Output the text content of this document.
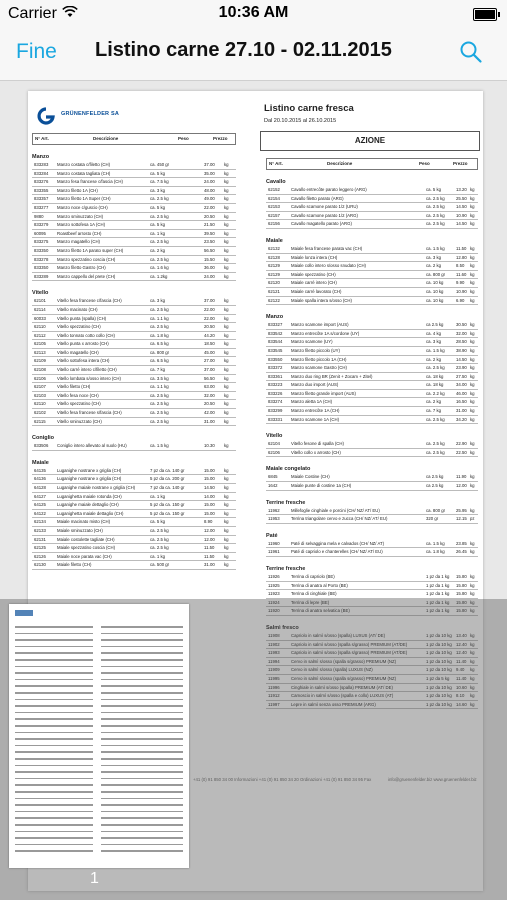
Carrier	10:36 AM
Fine Listino carne 27.10 - 02.11.2015
GRÜNENFELDER SA	Listino carne fresca
Dal 20.10.2015 al 26.10.2015
AZIONE
N° Art.	Descrizione	Peso	Prezzo
Manzo
833283 Manzo costata c/filetto (CH)	ca. 450 gr	37.00 kg
833284 Manzo costata tagliata (CH)	ca. 5 kg	35.00 kg
833276 Manzo fesa francese c/fascia (CH)	ca. 7.5 kg	24.00 kg
833355 Manzo filetto 1A (CH)	ca. 3 kg	48.00 kg
833357 Manzo filetto 1A Super (CH)	ca. 2.5 kg	49.00 kg
833277 Manzo noce c/guscio (CH)	ca. 5 kg	22.00 kg
9880	Manzo sminuzzato (CH)	ca. 2.5 kg	20.50 kg
833279 Manzo sottofesa 1A (CH)	ca. 5 kg	21.50 kg
60095	Roastbeef arrosto (CH)	ca. 1 kg	39.50 kg
833275 Manzo magatello (CH)	ca. 2.5 kg	23.50 kg
833350 Manzo filetto 1A parato super (CH)	ca. 2 kg	56.50 kg
833278 Manzo spezzatino coscia (CH)	ca. 2.5 kg	15.50 kg
833350 Manzo filetto Gastro (CH)	ca. 1.6 kg	36.00 kg
833289 Manzo cappello del prete (CH)	ca. 1.2kg	24.00 kg
Vitello
62101	Vitello fesa francese c/fascia (CH)	ca. 3 kg	37.00 kg
62114	Vitello macinato (CH)	ca. 2.5 kg	22.00 kg
60033	Vitello punta (spalla) (CH)	ca. 1.1 kg	22.00 kg
62110	Vitello spezzatino (CH)	ca. 2.5 kg	20.50 kg
62112	Vitello tonnato cotto collo (CH)	ca. 1.8 kg	44.20 kg
62105	Vitello punta x arrosto (CH)	ca. 6.5 kg	18.50 kg
62113	Vitello magatello (CH)	ca. 800 gr	45.00 kg
62109	Vitello sottofesa intera (CH)	ca. 6.5 kg	27.00 kg
62108	Vitello carré intero c/filetto (CH)	ca. 7 kg	37.00 kg
62106	Vitello lombata s/osso intero (CH)	ca. 3.5 kg	56.50 kg
62107	Vitello filetto (CH)	ca. 1.1 kg	63.00 kg
62103	Vitello fesa noce (CH)	ca. 2.5 kg	32.00 kg
62110	Vitello spezzatino (CH)	ca. 2.5 kg	20.50 kg
62102	Vitello fesa francese s/fascia (CH)	ca. 2.5 kg	42.00 kg
62115	Vitello sminuzzato (CH)	ca. 2.5 kg	31.00 kg
Coniglio
833506 Coniglio intero allevato al suolo (HU)	ca. 1.5 kg	10.30 kg
Maiale
64135	Luganighe nostrane x griglia (CH)	7 pz da ca. 140 gr	15.00 kg
64136	Luganighe nostrane x griglia (CH)	5 pz da ca. 200 gr	15.00 kg
64128	Luganighe maiale nostrane x griglia (CH)	7 pz da ca. 140 gr	14.50 kg
64127	Luganighetta maiale rotonda (CH)	ca. 1 kg	14.00 kg
64125	Luganighe maiale dettaglio (CH)	5 pz da ca. 150 gr	15.00 kg
64122	Luganighetta maiale dettaglio (CH)	5 pz da ca. 150 gr	15.00 kg
62134	Maiale macinato misto (CH)	ca. 5 kg	8.90	kg
62133	Maiale sminuzzato (CH)	ca. 2.5 kg	12.00 kg
62131	Maiale costolette tagliate (CH)	ca. 2.5 kg	12.00 kg
62125	Maiale spezzatino coscia (CH)	ca. 2.5 kg	11.50 kg
62126	Maiale noce parata vac (CH)	ca. 1 kg	11.50 kg
62130	Maiale filetto (CH)	ca. 500 gr	31.00 kg
N° Art.	Descrizione	Peso	Prezzo
Cavallo
62152	Cavallo entrecôte parato leggero (ARG)	ca. 5 kg	13.20 kg
62154	Cavallo filetto parato (ARG)	ca. 2.5 kg	25.50 kg
62153	Cavallo scamone parato 1/2 (URU)	ca. 2.5 kg	14.50 kg
62157	Cavallo scamone parato 1/2 (ARG)	ca. 2.5 kg	10.90 kg
62156	Cavallo magatello parato (ARG)	ca. 2.5 kg	14.50 kg
Maiale
62132	Maiale fesa francese parata vac (CH)	ca. 1.5 kg	11.50 kg
62128	Maiale lonza intera (CH)	ca. 3 kg	12.80 kg
62129	Maiale collo intero s/osso snudato (CH)	ca. 2 kg	8.50 kg
62129	Maiale spezzatino (CH)	ca. 800 gr	11.60 kg
62120	Maiale carré intero (CH)	ca. 10 kg	9.90 kg
62121	Maiale carré lavorato (CH)	ca. 10 kg	10.90 kg
62122	Maiale spalla intera s/osso (CH)	ca. 10 kg	6.90 kg
Manzo
833327 Manzo scamone import (AUS)	ca 2.5 kg	30.50 kg
833542 Manzo entrecôte 1A s/cordone (UY)	ca. 4 kg	32.00 kg
833544 Manzo scamone (UY)	ca. 3 kg	28.50 kg
833545 Manzo filetto piccolo (UY)	ca. 1.5 kg	38.90 kg
833550 Manzo filetto piccolo 1A (CH)	ca. 2 kg	14.50 kg
833372 Manzo scamone Gastro (CH)	ca. 2.5 kg	23.90 kg
833361 Manzo duo ring BR (Zenit + Zocam + Zitel)	ca. 18 kg	27.50 kg
833223 Manzo duo import (AUS)	ca. 18 kg	34.00 kg
833226 Manzo filetto grande import (AUS)	ca. 2.2 kg	46.00 kg
833274 Manzo aletta 1A (CH)	ca. 2 kg	16.50 kg
833299 Manzo entrecôte 1A (CH)	ca. 7 kg	31.00 kg
833331 Manzo scamone 1A (CH)	ca. 2.5 kg	34.20 kg
Vitello
62104	Vitello fesone di spalla (CH)	ca. 2.5 kg	22.90 kg
62106	Vitello collo x arrosto (CH)	ca. 2.5 kg	22.50 kg
Maiale congelato
6845	Maiale Costine (CH)	ca 2.5 kg	11.90 kg
1642	Maiale punte di costine 1a (CH)	ca 2.5 kg	12.00 kg
Terrine fresche
11962	Millefoglie cinghiale e porcini (CH/ NZ/ AT/ EU)	ca. 800 gr	25.95 kg
11953	Terrina triangolare cervo e zucca (CH/ NZ/ AT/ EU)	320 gr	12.15 pz
Paté
11960	Paté di selvaggina mela e calvados (CH/ NZ/ AT)	ca. 1.5 kg	23.85 kg
11961	Paté di capriolo e chanterelles (CH/ NZ/ AT/ EU)	ca. 1.8 kg	26.45 kg
Terrine fresche
11926	Terrina di capriolo (BE)	1 pz da 1 kg 15.80 kg
11925	Terrina di anatra al Porto (BE)	1 pz da 1 kg 15.80 kg
11923	Terrina di cinghiale (BE)	1 pz da 1 kg 15.80 kg
11924	Terrina di lepre (BE)	1 pz da 1 kg 15.80 kg
11920	Terrina di anatra selvatica (BE)	1 pz da 1 kg 15.80 kg
Salmì fresco
11908	Capriolo in salmì s/osso (spalla) LUXUS (AT/ DE)	1 pz da 10 kg 13.40 kg
11902	Capriolo in salmì s/osso (spalla s/grasso) PREMIUM (AT/DE)	1 pz da 10 kg 12.40 kg
11993	Capriolo in salmì s/osso (spalla s/grasso) PREMIUM (AT/DE)	1 pz da 10 kg 12.40 kg
11994	Cervo in salmì s/osso (spalla s/grasso) PREMIUM (NZ)	1 pz da 10 kg 11.40 kg
11909	Cervo in salmì s/osso (spalla) LUXUS (NZ)	1 pz da 10 kg 9.40 kg
11995	Cervo in salmì s/osso (spalla s/grasso) PREMIUM (NZ)	1 pz da 5 kg 11.40 kg
11996	Cinghiale in salmì s/osso (spalla) PREMIUM (AT/ DE)	1 pz da 10 kg 10.60 kg
11912	Camoscio in salmì s/osso (spalla e collo) LUXUS (AT)	1 pz da 10 kg 8.10 kg
11997	Lepre in salmì senza osso PREMIUM (ARG)	1 pz da 10 kg 14.60 kg
+41 (0) 91 850 34 00 Informazioni +41 (0) 91 850 34 20 Ordinazioni +41 (0) 91 850 34 95 Fax	info@gruenenfelder.biz www.gruenenfelder.biz
1
